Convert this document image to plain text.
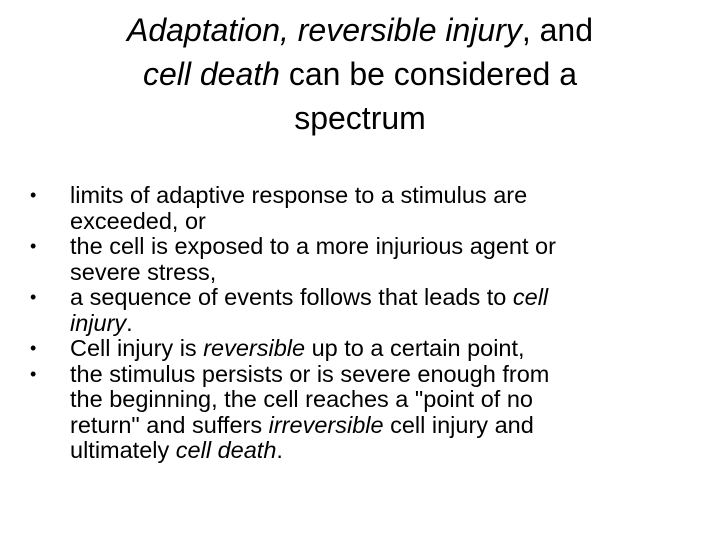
Adaptation, reversible injury, and
cell death can be considered a
spectrum
• limits of adaptive response to a stimulus are
exceeded, or
• the cell is exposed to a more injurious agent or
severe stress,
• a sequence of events follows that leads to cell
injury.
• Cell injury is reversible up to a certain point,
• the stimulus persists or is severe enough from
the beginning, the cell reaches a "point of no
return" and suffers irreversible cell injury and
ultimately cell death.
